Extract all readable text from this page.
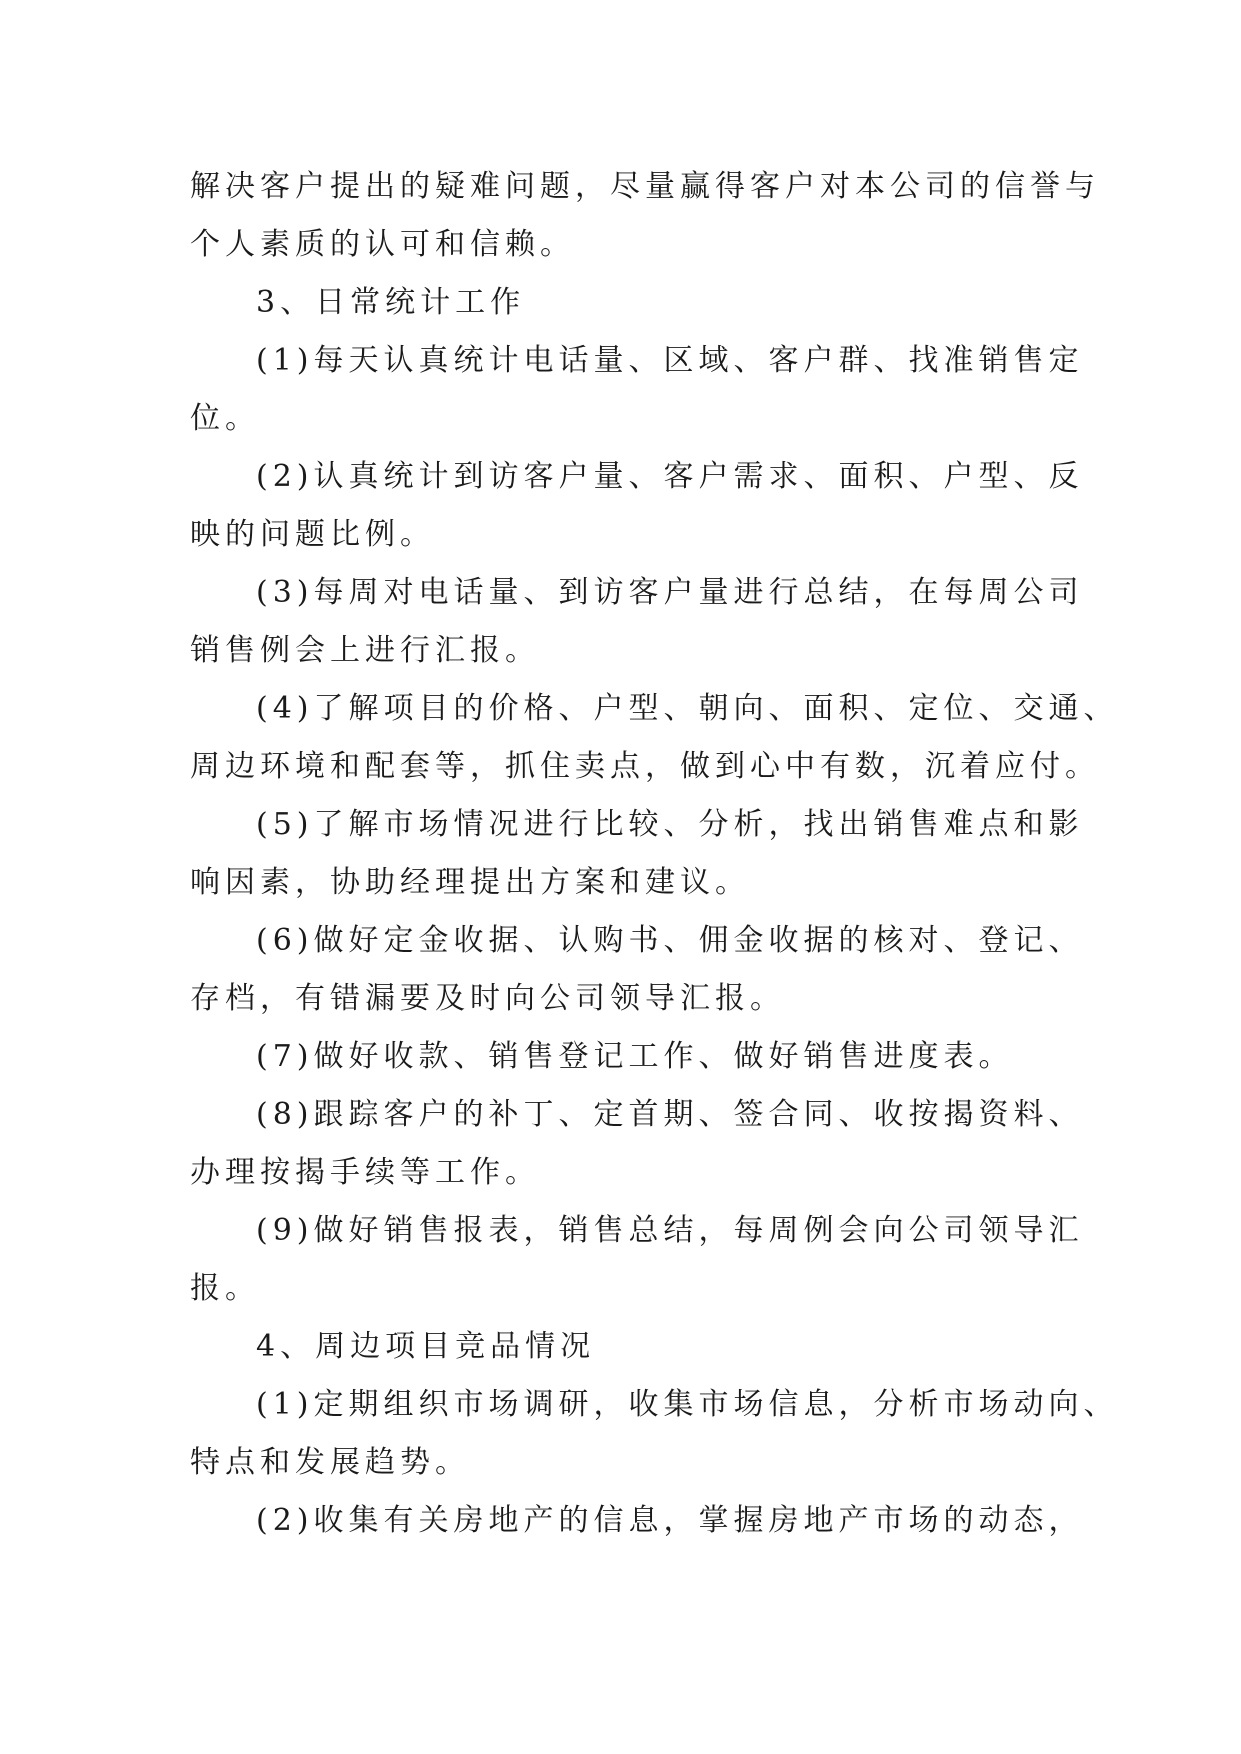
解决客户提出的疑难问题，尽量赢得客户对本公司的信誉与
个人素质的认可和信赖。
3、日常统计工作
(1)每天认真统计电话量、区域、客户群、找准销售定
位。
(2)认真统计到访客户量、客户需求、面积、户型、反
映的问题比例。
(3)每周对电话量、到访客户量进行总结，在每周公司
销售例会上进行汇报。
(4)了解项目的价格、户型、朝向、面积、定位、交通、
周边环境和配套等，抓住卖点，做到心中有数，沉着应付。
(5)了解市场情况进行比较、分析，找出销售难点和影
响因素，协助经理提出方案和建议。
(6)做好定金收据、认购书、佣金收据的核对、登记、
存档，有错漏要及时向公司领导汇报。
(7)做好收款、销售登记工作、做好销售进度表。
(8)跟踪客户的补丁、定首期、签合同、收按揭资料、
办理按揭手续等工作。
(9)做好销售报表，销售总结，每周例会向公司领导汇
报。
4、周边项目竞品情况
(1)定期组织市场调研，收集市场信息，分析市场动向、
特点和发展趋势。
(2)收集有关房地产的信息，掌握房地产市场的动态，
